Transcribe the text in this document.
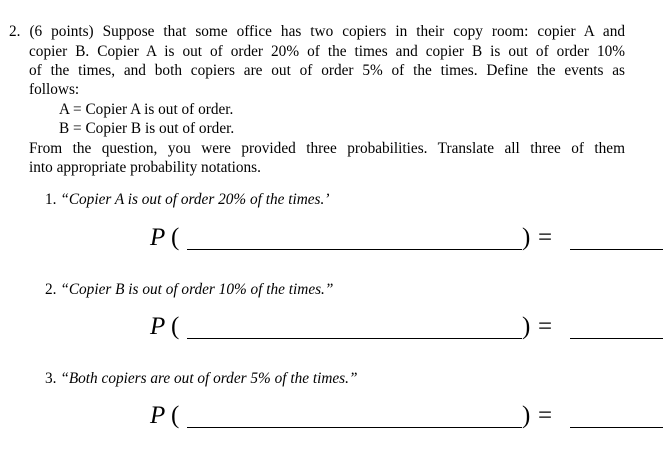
2. (6 points) Suppose that some office has two copiers in their copy room: copier A and
copier B. Copier A is out of order 20% of the times and copier B is out of order 10%
of the times, and both copiers are out of order 5% of the times. Define the events as
follows:
A = Copier A is out of order.
B = Copier B is out of order.
From the question, you were provided three probabilities. Translate all three of them
into appropriate probability notations.
1. “Copier A is out of order 20% of the times.’
P (	) =
2. “Copier B is out of order 10% of the times.”
P (	) =
3. “Both copiers are out of order 5% of the times.”
P (	) =
